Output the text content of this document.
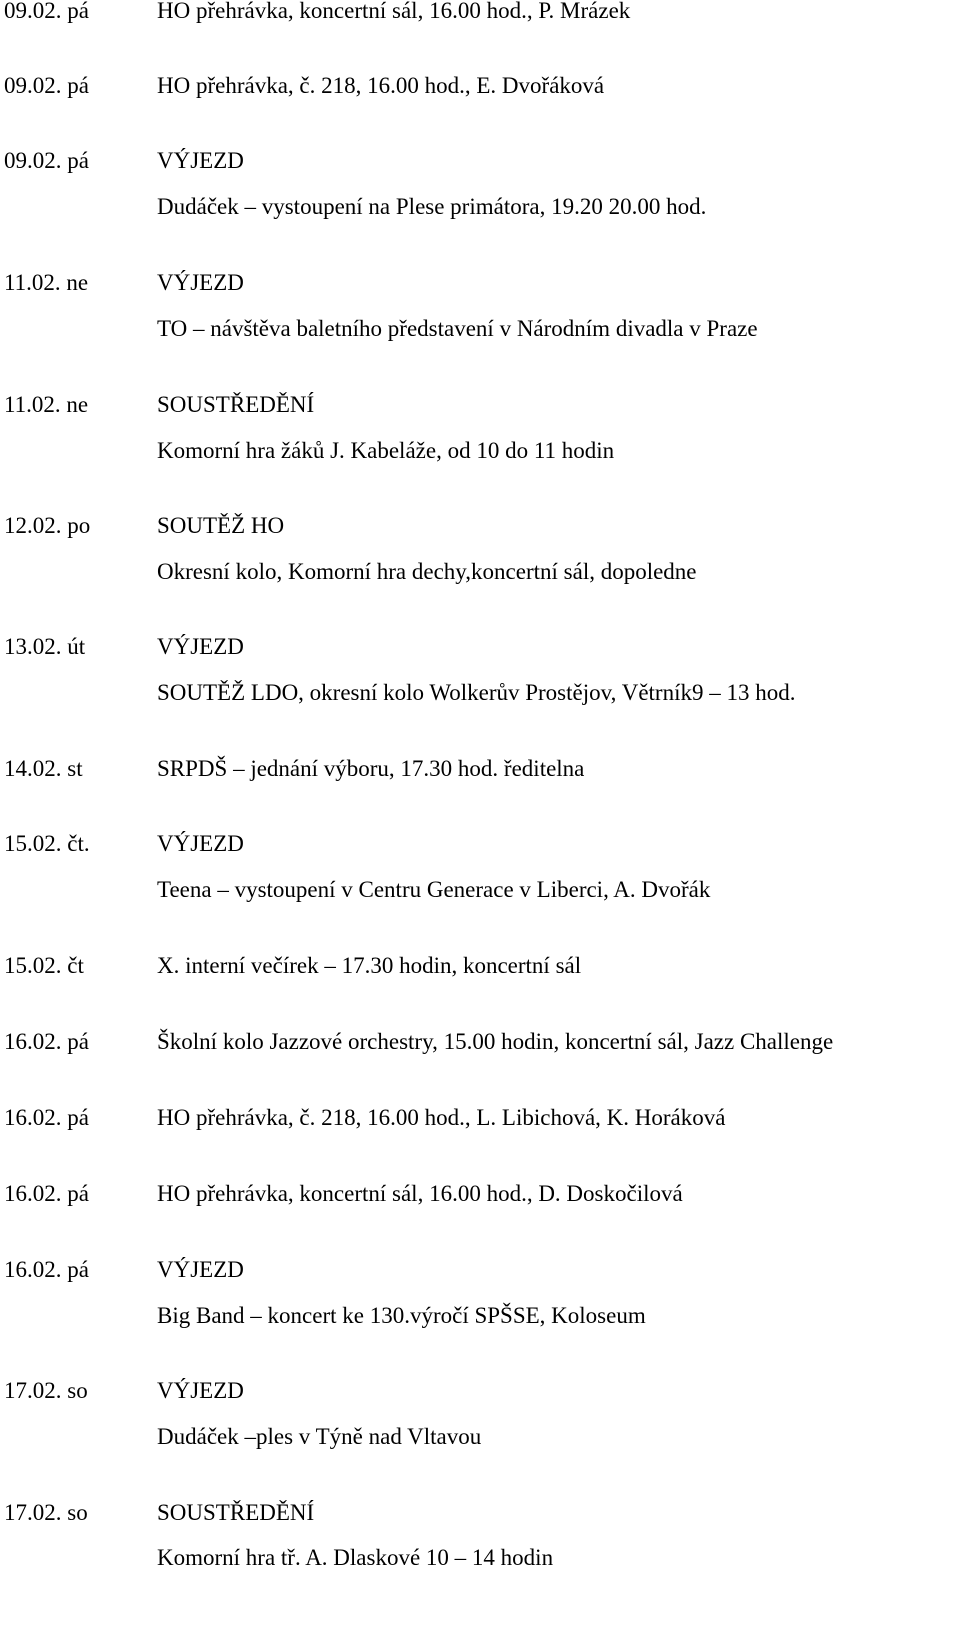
09.02. pá	HO přehrávka, koncertní sál, 16.00 hod., P. Mrázek
09.02. pá	HO přehrávka, č. 218, 16.00 hod., E. Dvořáková
09.02. pá	VÝJEZD
Dudáček – vystoupení na Plese primátora, 19.20 20.00 hod.
11.02. ne	VÝJEZD
TO – návštěva baletního představení v Národním divadla v Praze
11.02. ne	SOUSTŘEDĚNÍ
Komorní hra žáků J. Kabeláže, od 10 do 11 hodin
12.02. po	SOUTĚŽ HO
Okresní kolo, Komorní hra dechy,koncertní sál, dopoledne
13.02. út	VÝJEZD
SOUTĚŽ LDO, okresní kolo Wolkerův Prostějov, Větrník9 – 13 hod.
14.02. st	SRPDŠ – jednání výboru, 17.30 hod. ředitelna
15.02. čt.	VÝJEZD
Teena – vystoupení v Centru Generace v Liberci, A. Dvořák
15.02. čt	X. interní večírek – 17.30 hodin, koncertní sál
16.02. pá	Školní kolo Jazzové orchestry, 15.00 hodin, koncertní sál, Jazz Challenge
16.02. pá	HO přehrávka, č. 218, 16.00 hod., L. Libichová, K. Horáková
16.02. pá	HO přehrávka, koncertní sál, 16.00 hod., D. Doskočilová
16.02. pá	VÝJEZD
Big Band – koncert ke 130.výročí SPŠSE, Koloseum
17.02. so	VÝJEZD
Dudáček –ples v Týně nad Vltavou
17.02. so	SOUSTŘEDĚNÍ
Komorní hra tř. A. Dlaskové 10 – 14 hodin
